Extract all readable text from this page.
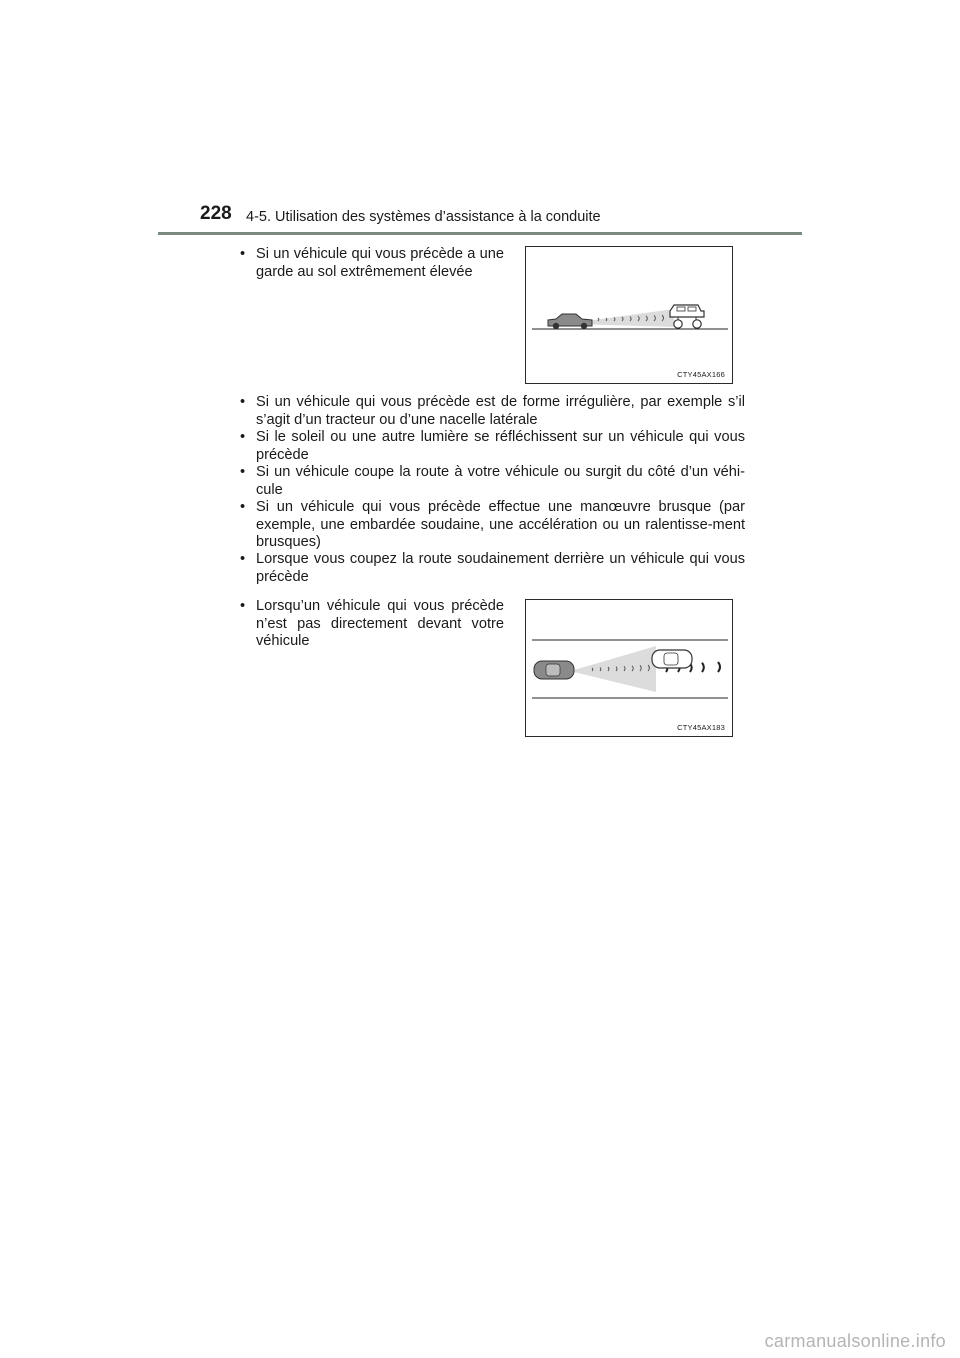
228 4-5. Utilisation des systèmes d’assistance à la conduite
• Si un véhicule qui vous précède a une garde au sol extrêmement élevée
CTY45AX166
• Si un véhicule qui vous précède est de forme irrégulière, par exemple s’il s’agit d’un tracteur ou d’une nacelle latérale
• Si le soleil ou une autre lumière se réfléchissent sur un véhicule qui vous précède
• Si un véhicule coupe la route à votre véhicule ou surgit du côté d’un véhi-cule
• Si un véhicule qui vous précède effectue une manœuvre brusque (par exemple, une embardée soudaine, une accélération ou un ralentisse-ment brusques)
• Lorsque vous coupez la route soudainement derrière un véhicule qui vous précède
• Lorsqu’un véhicule qui vous précède n’est pas directement devant votre véhicule
CTY45AX183
carmanualsonline.info
